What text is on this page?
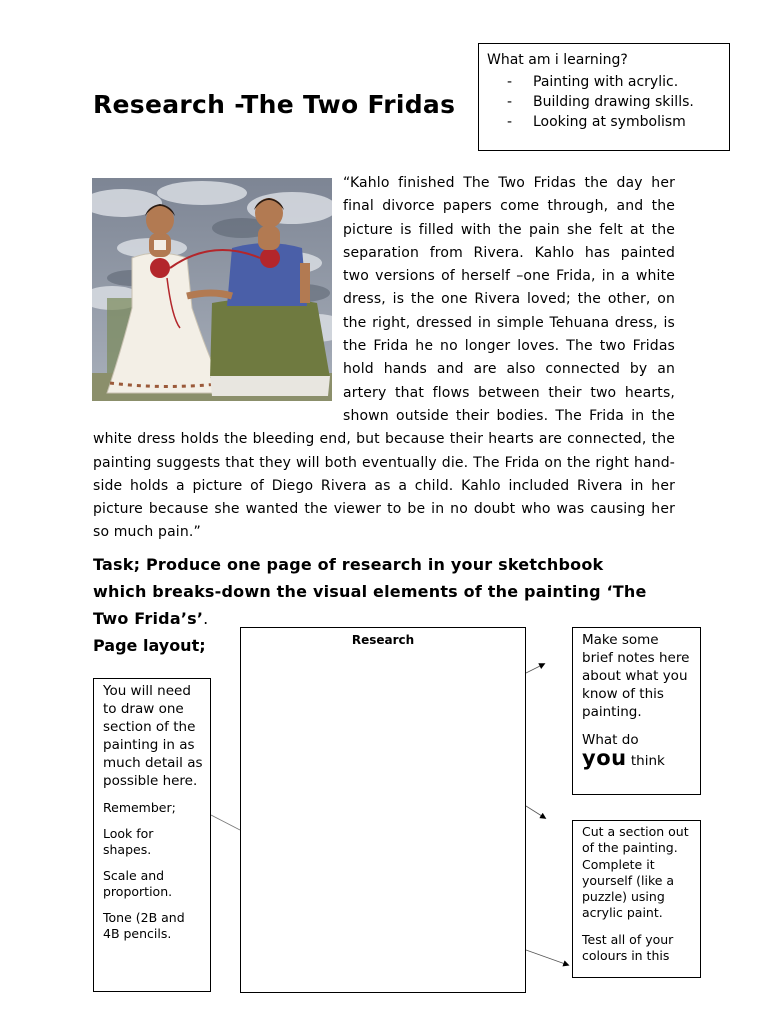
Research -The Two Fridas
What am i learning?
- Painting with acrylic.
- Building drawing skills.
- Looking at symbolism

“Kahlo finished The Two Fridas the day her final divorce papers come through, and the picture is filled with the pain she felt at the separation from Rivera. Kahlo has painted two versions of herself –one Frida, in a white dress, is the one Rivera loved; the other, on the right, dressed in simple Tehuana dress, is the Frida he no longer loves. The two Fridas hold hands and are also connected by an artery that flows between their two hearts, shown outside their bodies. The Frida in the white dress holds the bleeding end, but because their hearts are connected, the painting suggests that they will both eventually die. The Frida on the right hand-side holds a picture of Diego Rivera as a child. Kahlo included Rivera in her picture because she wanted the viewer to be in no doubt who was causing her so much pain.”

Task; Produce one page of research in your sketchbook which breaks-down the visual elements of the painting ‘The Two Frida’s’.
Page layout;	Research

You will need to draw one section of the painting in as much detail as possible here.

Remember;

Look for shapes.

Scale and proportion.

Tone (2B and 4B pencils.

Make some brief notes here about what you know of this painting.

What do

you think

Cut a section out of the painting. Complete it yourself (like a puzzle) using acrylic paint.

Test all of your colours in this
